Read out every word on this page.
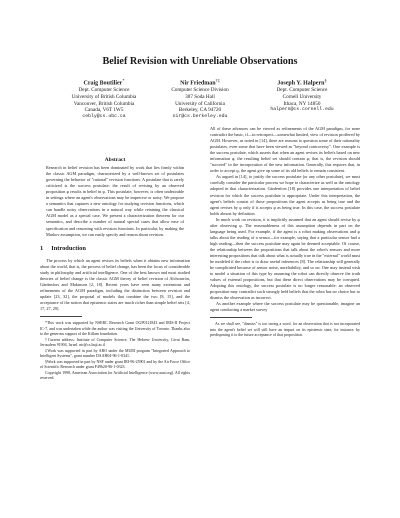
Belief Revision with Unreliable Observations
Craig Boutilier*
Dept. Computer Science
University of British Columbia
Vancouver, British Columbia
Canada, V6T 1W5
cebly@cs.ubc.ca
Nir Friedman†‡
Computer Science Division
387 Soda Hall
University of California
Berkeley, CA 94720
nir@cs.berkeley.edu
Joseph Y. Halpern§
Dept. Computer Science
Cornell University
Ithaca, NY 14850
halpern@cs.cornell.edu
Abstract
Research in belief revision has been dominated by work that lies firmly within the classic AGM paradigm, characterized by a well-known set of postulates governing the behavior of "rational" revision functions. A postulate that is rarely criticized is the success postulate: the result of revising by an observed proposition φ results in belief in φ. This postulate, however, is often undesirable in settings where an agent's observations may be imprecise or noisy. We propose a semantics that captures a new ontology for studying revision functions, which can handle noisy observations in a natural way while retaining the classical AGM model as a special case. We present a characterization theorem for our semantics, and describe a number of natural special cases that allow ease of specification and reasoning with revision functions. In particular, by making the Markov assumption, we can easily specify and reason about revision.
1 Introduction

The process by which an agent revises its beliefs when it obtains new information about the world, that is, the process of belief change, has been the focus of considerable study in philosophy and artificial intelligence. One of the best known and most studied theories of belief change is the classic AGM theory of belief revision of Alchourrón, Gärdenfors and Makinson [2, 18]. Recent years have seen many extensions and refinements of the AGM paradigm, including the distinction between revision and update [23, 32], the proposal of models that combine the two [8, 15], and the acceptance of the notion that epistemic states are much richer than simple belief sets [4, 17, 27, 29].

*This work was supported by NSERC Research Grant OGP0121843 and IRIS-II Project IC-7, and was undertaken while the author was visiting the University of Toronto. Thanks also to the generous support of the Killam foundation.

†Current address: Institute of Computer Science, The Hebrew University, Givat Ram, Jerusalem 91904, Israel. nir@cs.huji.ac.il

‡Work was supported in part by ARO under the MURI program "Integrated Approach to Intelligent Systems", grant number DAAH04-96-1-0341.

§Work was supported in part by NSF under grant IRI-96-25901 and by the Air Force Office of Scientific Research under grant F49620-96-1-0323.

Copyright 1998, American Association for Artificial Intelligence (www.aaai.org). All rights reserved.

All of these advances can be viewed as refinements of the AGM paradigm, for none contradict the basic, if—in retrospect—somewhat limited, view of revision proffered by AGM. However, as noted in [14], there are reasons to question some of their rationality postulates, even some that have been viewed as "beyond controversy". One example is the success postulate, which asserts that when an agent revises its beliefs based on new information φ, the resulting belief set should contain φ; that is, the revision should "succeed" in the incorporation of the new information. Generally, this requires that, in order to accept φ, the agent give up some of its old beliefs to remain consistent.

As argued in [14], to justify the success postulate (or any other postulate), we must carefully consider the particular process we hope to characterize as well as the ontology adopted in that characterization. Gärdenfors [18] provides one interpretation of belief revision for which the success postulate is appropriate. Under this interpretation, the agent's beliefs consist of those propositions the agent accepts as being true and the agent revises by φ only if it accepts φ as being true. In this case, the success postulate holds almost by definition.

In much work on revision, it is implicitly assumed that an agent should revise by φ after observing φ. The reasonableness of this assumption depends in part on the language being used. For example, if the agent is a robot making observations and φ talks about the reading of a sensor—for example, saying that a particular sensor had a high reading—then the success postulate may again be deemed acceptable. Of course, the relationship between the propositions that talk about the robot's sensors and more interesting propositions that talk about what is actually true in the "external" world must be modeled if the robot is to draw useful inferences [8]. The relationship will generally be complicated because of sensor noise, unreliability, and so on. One may instead wish to model a situation of this type by assuming the robot can directly observe the truth values of external propositions, but that these direct observations may be corrupted. Adopting this ontology, the success postulate is no longer reasonable: an observed proposition may contradict such strongly held beliefs that the robot has no choice but to dismiss the observation as incorrect.

As another example where the success postulate may be questionable, imagine an agent conducting a market survey

As we shall see, "dismiss" is too strong a word, for an observation that is not incorporated into the agent's belief set will still have an impact on its epistemic state, for instance, by predisposing it to the future acceptance of that proposition.
